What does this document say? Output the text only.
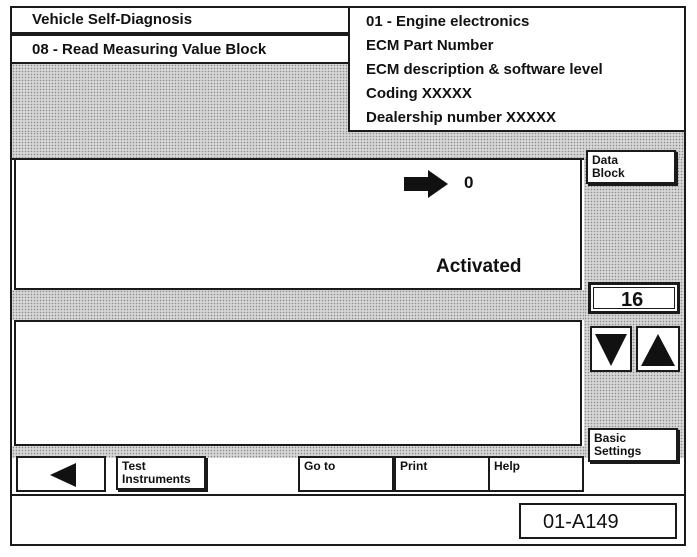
Vehicle Self-Diagnosis
08 - Read Measuring Value Block
01 - Engine electronics
ECM Part Number
ECM description & software level
Coding XXXXX
Dealership number XXXXX
0
Activated
Data
Block
16
Basic
Settings
Test
Instruments
Go to	Print	Help
01-A149
